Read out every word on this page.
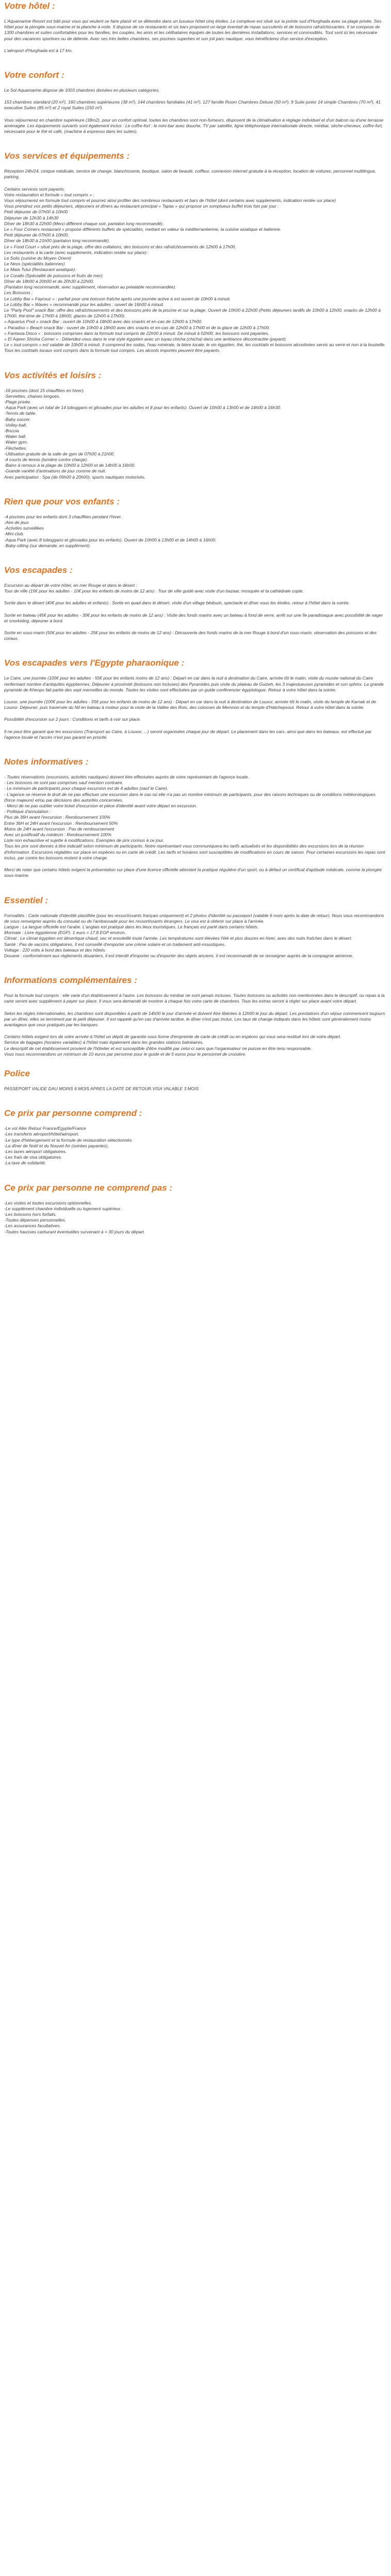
Votre hôtel :

L'Aquamarine Resort est bâti pour vous qui veulent se faire plaisir et se détendre dans un luxueux hôtel cinq étoiles. Le complexe est situé sur la pointe sud d'Hurghada avec sa plage privée. Ses hôtel pour la plongée sous-marine et la planche à voile. Il dispose de six restaurants et six bars proposent un large éventail de repas succulents et de boissons rafraîchissantes. Il se compose de 1300 chambres et suites confortables pour les familles, les couples, les amis et les célibataires équipés de toutes les dernières installations, services et commodités. Tout sont ici les nécessaire pour des vacances sportives ou de détente. Avec ses très belles chambres, ses piscines superbes et son joli parc nautique, vous bénéficierez d'un service d'exception.

L'aéroport d'Hurghada est à 17 km.

Votre confort :

Le Sol Aquamarine dispose de 1003 chambres divisées en plusieurs catégories.

153 chambres standard (20 m²), 160 chambres supérieures (38 m²), 144 chambres familiales (41 m²), 127 famille Room Chambres Deluxe (50 m²), 9 Suite junior 14 simple Chambres (70 m²), 41 executive Suites (85 m²) et 2 royal Suites (150 m²).

Vous séjournerez en chambre supérieure (38m2), pour un confort optimal, toutes les chambres sont non-fumeurs, disposent de la climatisation à réglage individuel et d'un balcon ou d'une terrasse aménagée. Les équipements suivants sont également inclus : Le coffre-fort : le mini-bar avec douche, TV par satellite, ligne téléphonique internationale directe, minibar, sèche-cheveux, coffre-fort, nécessaire pour le thé et café, (machine à expresso dans les suites).

Vos services et équipements :

Réception 24h/24, cinique médicale, service de change, blanchisserie, boutique, salon de beauté, coiffeur, connexion internet gratuite à la réception, location de voitures, personnel multilingue, parking.

Certains services sont payants.

Votre restauration et formule « tout compris » :

Vous séjournerez en formule tout compris et pourrez ainsi profiter des nombreux restaurants et bars de l'hôtel (dont certains avec supplements, indication restée sur place)

Vous prendrez vos petits déjeuners, déjeuners et dîners au restaurant principal « Tapas » qui propose un somptueux buffet trois fois par jour :

Petit déjeuner de 07h00 à 10h00

Déjeuner de 12h30 à 14h30

Dîner de 18h30 à 22h00 (Merci différent chaque soir, pantalon long recommandé).

Le « Four Corners restaurant » propose différents buffets de spécialités, mettant en valeur la méditerranéenne, la cuisine asiatique et italienne.

Petit déjeuner de 07h00 à 10h00.

Dîner de 18h30 à 21h00 (pantalon long recommandé).

Le « Food Court » situé près de la plage, offre des collations, des boissons et des rafraîchissements de 12h00 à 17h00.

Les restaurants à la carte (avec supplements, indication restée sur place) :

Le Solis (cuisine du Moyen Orient)

Le Neos (spécialités italiennes)

Le Mata Tutui (Restaurant asiatique).

Le Corallo (Spécialité de poissons et fruits de mer).

Dîner de 18h00 à 20h00 et de 20h30 à 22h00.

(Pantalon long recommandé, avec supplément, réservation au préalable recommandée).

Les Boissons :

Le Lobby Bar « Fayrouz » : parfait pour une boisson fraîche après une journée active à est ouvert de 10h00 à minuit.

Le Lobby Bar « Waves » recommandé pour les adultes : ouvert de 16h00 à minuit.

Le "Party Pool" snack Bar: offre des rafraîchissements et des boissons près de la piscine et sur la plage. Ouvert de 10h00 à 22h00 (Petits déjeuners tardifs de 10h00 à 12h00, snacks de 12h00 à 17h00, thé-time de 17h00 à 18h00, glaces de 12h00 à 17h00).

« Aquarius Pool » snack Bar : ouvert de 10h00 à 18h00 avec des snacks et en-cas de 12h00 à 17h00.

« Paradiso » Beach snack Bar : ouvert de 10h00 à 18h00 avec des snacks et en-cas de 12h00 à 17h00 et de la glace de 12h00 à 17h00.

« Fantasia Disco » : boissons comprises dans la formule tout compris de 22h00 à minuit. De minuit à 02h00, les boissons sont payantes.

« El Aqeen Shisha Corner » : Détendez-vous dans le vrai style égyptien avec un tuyau chicha (chicha) dans une ambiance décontractée (payant).

Le « tout compris » est valable de 10h00 à minuit. Il comprend les sodas, l'eau minérale, la bière locale, le vin égyptien, thé, les cocktails et boissons alcoolisées servis au verre et non à la bouteille. Tous les cocktails locaux sont compris dans la formule tout compris. Les alcools importés peuvent être payants.

Vos activités et loisirs :

-16 piscines (dont 15 chauffées en hiver).

-Serviettes, chaises longues.

-Plage privée.

-Aqua Park (avec un total de 14 toboggans et glissades pour les adultes et 8 pour les enfants). Ouvert de 10h00 à 13h00 et de 14h00 à 16h30.

-Tennis de table.

-Baby soccer.

-Volley-ball.

-Boccia.

-Water ball.

-Water gym.

-Fléchettes.

-Utilisation gratuite de la salle de gym de 07h00 à 21h00.

-4 courts de tennis (lumière contre charge).

-Bains à remous à la plage de 10h00 à 12h00 et de 14h00 à 16h00.

-Grande variété d'animations de jour comme de nuit.

Avec participation : Spa (de 09h00 à 20h00), sports nautiques motorisés.

Rien que pour vos enfants :

-4 piscines pour les enfants dont 3 chauffées pendant l'hiver.

-Aire de jeux

-Activités surveillées

-Mini club.

-Aqua Park (avec 8 toboggans et glissades pour les enfants). Ouvert de 10h00 à 13h00 et de 14h00 à 16h00.

-Baby-sitting (sur demande, en supplément).

Vos escapades :

Excursion au départ de votre hôtel, en mer Rouge et dans le désert :

Tour de ville (15€ pour les adultes - 10€ pour les enfants de moins de 12 ans) : Tour de ville guidé avec visite d'un bazaar, mosquée et la cathédrale copte.

Sortie dans le désert (40€ pour les adultes et enfants) : Sortie en quad dans le désert, visite d'un village bédouin, spectacle et dîner sous les étoiles, retour à l'hôtel dans la soirée.

Sortie en bateau (45€ pour les adultes - 30€ pour les enfants de moins de 12 ans) : Visite des fonds marins avec un bateau à fond de verre, arrêt sur une île paradisiaque avec possibilité de nager et snorkeling, déjeuner à bord.

Sortie en sous-marin (50€ pour les adultes - 25€ pour les enfants de moins de 12 ans) : Découverte des fonds marins de la mer Rouge à bord d'un sous-marin, observation des poissons et des coraux.

Vos escapades vers l'Egypte pharaonique :

Le Caire, une journée (100€ pour les adultes - 55€ pour les enfants moins de 12 ans) : Départ en car dans la nuit à destination du Caire, arrivée tôt le matin, visite du musée national du Caire renfermant nombre d'antiquités égyptiennes. Déjeuner à proximité (boissons non incluses) des Pyramides puis visite du plateau de Guizeh, les 3 majestueuses pyramides et son sphinx. La grande pyramide de Kheops fait partie des sept merveilles du monde. Toutes les visites sont effectuées par un guide conférencier égyptologue. Retour à votre hôtel dans la soirée.

Louxor, une journée (100€ pour les adultes - 55€ pour les enfants de moins de 12 ans) : Départ en car dans la nuit à destination de Louxor, arrivée tôt le matin, visite du temple de Karnak et de Louxor. Déjeuner, puis traversée du Nil en bateau à moteur pour la visite de la Vallée des Rois, des colosses de Memnon et du temple d'Hatchepsout. Retour à votre hôtel dans la soirée.

Possibilité d'excursion sur 2 jours : Conditions et tarifs à voir sur place.

Il ne peut être garanti que les excursions (Transport au Caire, à Louxor, ...) seront organisées chaque jour de départ. Le placement dans les cars, ainsi que dans les bateaux, est effectué par l'agence locale et l'accès n'est pas garanti en priorité.

Notes informatives :

- Toutes réservations (excursions, activités nautiques) doivent être effectuées auprès de votre représentant de l'agence locale.

- Les boissons ne sont pas comprises sauf mention contraire.

- Le minimum de participants pour chaque excursion est de 4 adultes (sauf le Caire).

- L'agence se réserve le droit de ne pas effectuer une excursion dans le cas où elle n'a pas un nombre minimum de participants, pour des raisons techniques ou de conditions météorologiques (force majeure) et/ou par décisions des autorités concernées.

- Merci de ne pas oublier votre ticket d'excursion et pièce d'identité avant votre départ en excursion.

- Politique d'annulation :

Plus de 36H avant l'excursion : Remboursement 100%

Entre 36H et 24H avant l'excursion : Remboursement 50%

Moins de 24H avant l'excursion : Pas de remboursement

Avec un justificatif du médecin : Remboursement 100%

Liste non exhaustive et sujette à modifications. Exemples de prix connus à ce jour.

Tous les prix sont donnés à titre indicatif selon minimum de participants. Notre représentant vous communiquera les tarifs actualisés et les disponibilités des excursions lors de la réunion d'information. Excursions réglables sur place en espèces ou en carte de crédit. Les tarifs et horaires sont susceptibles de modifications en cours de saison. Pour certaines excursions les repas sont inclus, par contre les boissons restent à votre charge.

Merci de noter que certains hôtels exigent la présentation sur place d'une licence officielle attestant la pratique régulière d'un sport, ou à défaut un certificat d'aptitude médicale, comme la plongée sous-marine.

Essentiel :

Formalités : Carte nationale d'identité plastifiée (pour les ressortissants français uniquement) et 2 photos d'identité ou passeport (valable 6 mois après la date de retour). Nous vous recommandons de vous renseigner auprès du consulat ou de l'ambassade pour les ressortissants étrangers. Le visa est à obtenir sur place à l'arrivée.

Langue : La langue officielle est l'arabe. L'anglais est pratiqué dans les lieux touristiques. Le français est parlé dans certains hôtels.

Monnaie : Livre égyptienne (EGP). 1 euro = 17.8 EGP environ.

Climat : Le climat égyptien est désertique chaud, sec et ensoleillé toute l'année. Les températures sont élevées l'été et plus douces en hiver, avec des nuits fraîches dans le désert.

Santé : Pas de vaccins obligatoires. Il est conseillé d'emporter une crème solaire et un traitement anti-moustiques.

Voltage : 220 volts à bord des bateaux et des hôtels.

Douane : conformément aux règlements douaniers, il est interdit d'importer ou d'exporter des objets anciens. Il est recommandé de se renseigner auprès de la compagnie aérienne.

Informations complémentaires :

Pour la formule tout compris : elle varie d'un établissement à l'autre. Les boissons du minibar ne sont jamais incluses. Toutes boissons ou activités non mentionnées dans le descriptif, ou repas à la carte seront avec supplément à payer sur place. Il vous sera demandé de montrer à chaque fois votre carte de chambres. Tous les extras seront à régler sur place avant votre départ.

Selon les règles internationales, les chambres sont disponibles à partir de 14h00 le jour d'arrivée et doivent être libérées à 12h00 le jour du départ. Les prestations d'un séjour commencent toujours par un dîner, elles se terminent par le petit déjeuner. Il est rappelé qu'en cas d'arrivée tardive, le dîner n'est pas inclus. Les taux de change indiqués dans les hôtels sont généralement moins avantageux que ceux pratiqués par les banques.

Certains hôtels exigent lors de votre arrivée à l'hôtel un dépôt de garantie sous forme d'empreinte de carte de crédit ou en espèces qui vous sera restitué lors de votre départ.

Service de bagages (horaires variables) à l'hôtel mais également dans les grandes stations balnéaires.

Le descriptif de cet établissement provient de l'hôtelier et est susceptible d'être modifié par celui-ci sans que l'organisateur ne puisse en être tenu responsable.

Vous nous recommandons un minimum de 10 euros par personne pour le guide et de 5 euros pour le personnel de croisière.

Police

PASSEPORT VALIDE DAU MOINS 6 MOIS APRES LA DATE DE RETOUR.VISA VALABLE 3 MOIS

Ce prix par personne comprend :

-Le vol Aller Retour France/Egypte/France

-Les transferts aéroport/hôtel/aéroport.

-Le type d'hébergement et la formule de restauration sélectionnés.

-La dîner de Noël et du Nouvel An (soirées payantes).

-Les taxes aéroport obligatoires.

-Les frais de visa obligatoires.

-La taxe de solidarité.

Ce prix par personne ne comprend pas :

-Les visites et toutes excursions optionnelles.

-Le supplément chambre individuelle ou logement supérieur.

-Les boissons hors forfaits.

-Toutes dépenses personnelles.

-Les assurances facultatives.

-Toutes hausses carburant éventuelles survenant à + 30 jours du départ.
